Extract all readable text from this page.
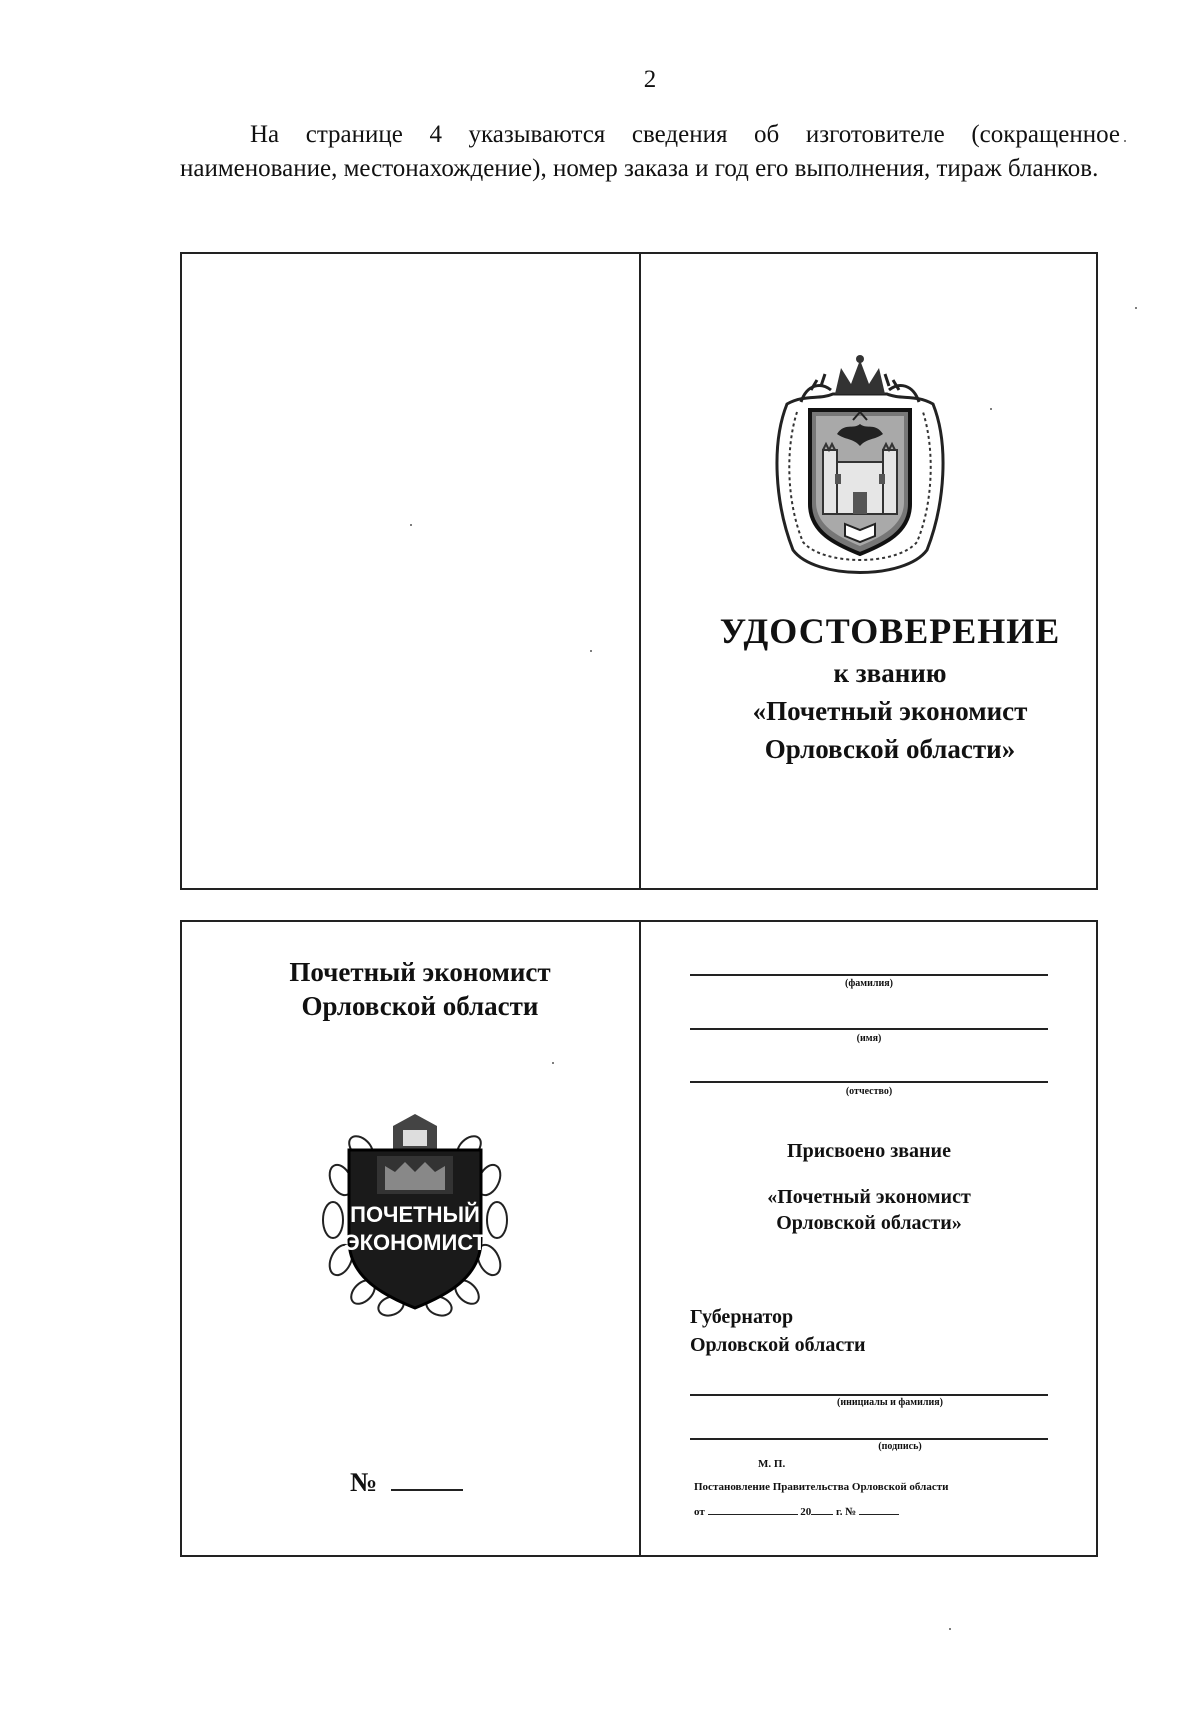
2
На странице 4 указываются сведения об изготовителе (сокращенное наименование, местонахождение), номер заказа и год его выполнения, тираж бланков.
УДОСТОВЕРЕНИЕ
к званию
«Почетный экономист
Орловской области»
Почетный экономист
Орловской области
ПОЧЕТНЫЙ
ЭКОНОМИСТ
№
(фамилия)
(имя)
(отчество)
Присвоено звание
«Почетный экономист
Орловской области»
Губернатор
Орловской области
(инициалы и фамилия)
(подпись)
М. П.
Постановление Правительства Орловской области
от	20 г. №
